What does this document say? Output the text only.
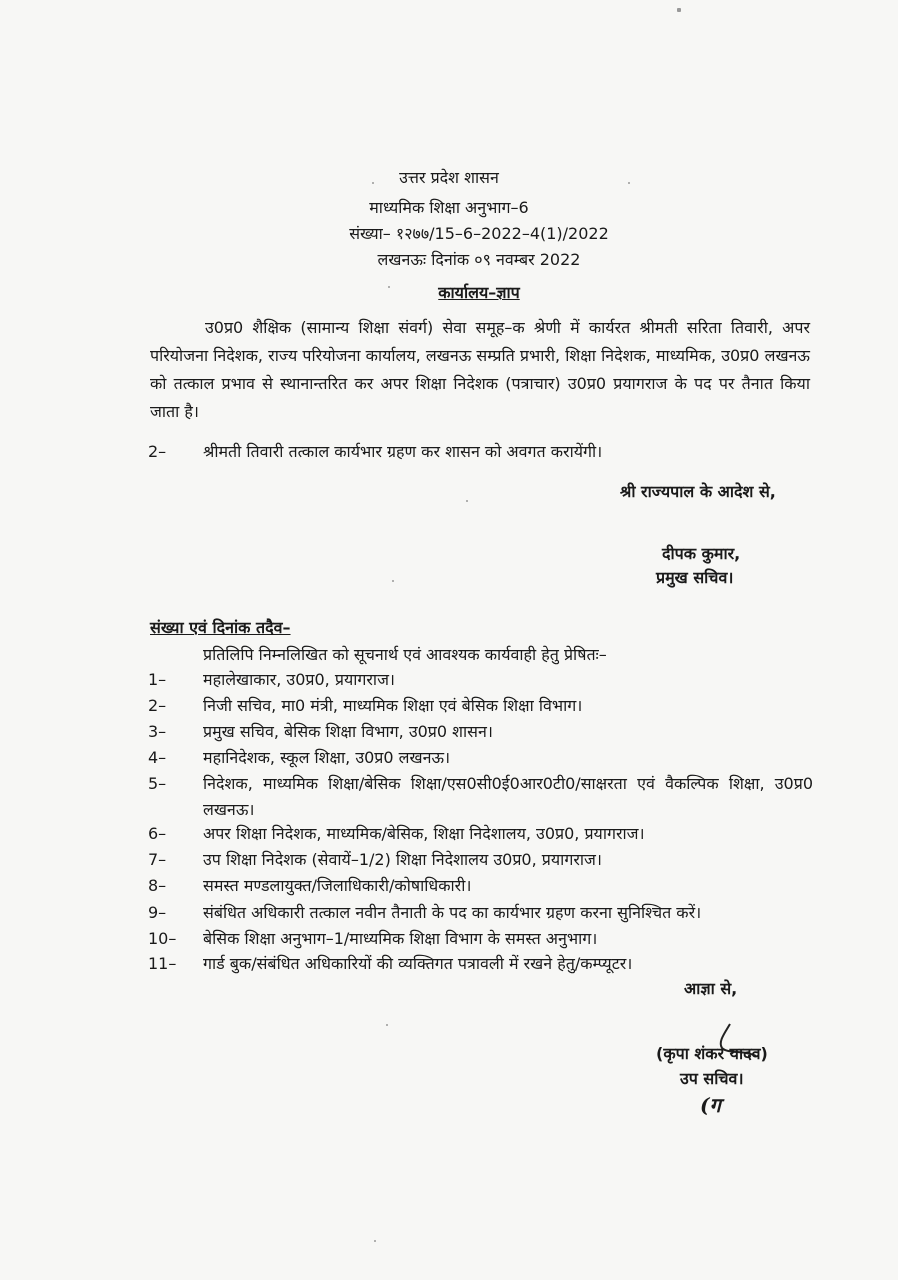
उत्तर प्रदेश शासन
माध्यमिक शिक्षा अनुभाग–6
संख्या– १२७७/15–6–2022–4(1)/2022
लखनऊः दिनांक ०९ नवम्बर 2022
कार्यालय–ज्ञाप
उ0प्र0 शैक्षिक (सामान्य शिक्षा संवर्ग) सेवा समूह–क श्रेणी में कार्यरत श्रीमती सरिता तिवारी, अपर परियोजना निदेशक, राज्य परियोजना कार्यालय, लखनऊ सम्प्रति प्रभारी, शिक्षा निदेशक, माध्यमिक, उ0प्र0 लखनऊ को तत्काल प्रभाव से स्थानान्तरित कर अपर शिक्षा निदेशक (पत्राचार) उ0प्र0 प्रयागराज के पद पर तैनात किया जाता है।
2– श्रीमती तिवारी तत्काल कार्यभार ग्रहण कर शासन को अवगत करायेंगी।
श्री राज्यपाल के आदेश से,
दीपक कुमार,
प्रमुख सचिव।
संख्या एवं दिनांक तदैव–
प्रतिलिपि निम्नलिखित को सूचनार्थ एवं आवश्यक कार्यवाही हेतु प्रेषितः–
1– महालेखाकार, उ0प्र0, प्रयागराज।
2– निजी सचिव, मा0 मंत्री, माध्यमिक शिक्षा एवं बेसिक शिक्षा विभाग।
3– प्रमुख सचिव, बेसिक शिक्षा विभाग, उ0प्र0 शासन।
4– महानिदेशक, स्कूल शिक्षा, उ0प्र0 लखनऊ।
5– निदेशक, माध्यमिक शिक्षा/बेसिक शिक्षा/एस0सी0ई0आर0टी0/साक्षरता एवं वैकल्पिक शिक्षा, उ0प्र0 लखनऊ।
6– अपर शिक्षा निदेशक, माध्यमिक/बेसिक, शिक्षा निदेशालय, उ0प्र0, प्रयागराज।
7– उप शिक्षा निदेशक (सेवायें–1/2) शिक्षा निदेशालय उ0प्र0, प्रयागराज।
8– समस्त मण्डलायुक्त/जिलाधिकारी/कोषाधिकारी।
9– संबंधित अधिकारी तत्काल नवीन तैनाती के पद का कार्यभार ग्रहण करना सुनिश्चित करें।
10– बेसिक शिक्षा अनुभाग–1/माध्यमिक शिक्षा विभाग के समस्त अनुभाग।
11– गार्ड बुक/संबंधित अधिकारियों की व्यक्तिगत पत्रावली में रखने हेतु/कम्प्यूटर।
आज्ञा से,
(कृपा शंकर यादव)
उप सचिव।
(ग
